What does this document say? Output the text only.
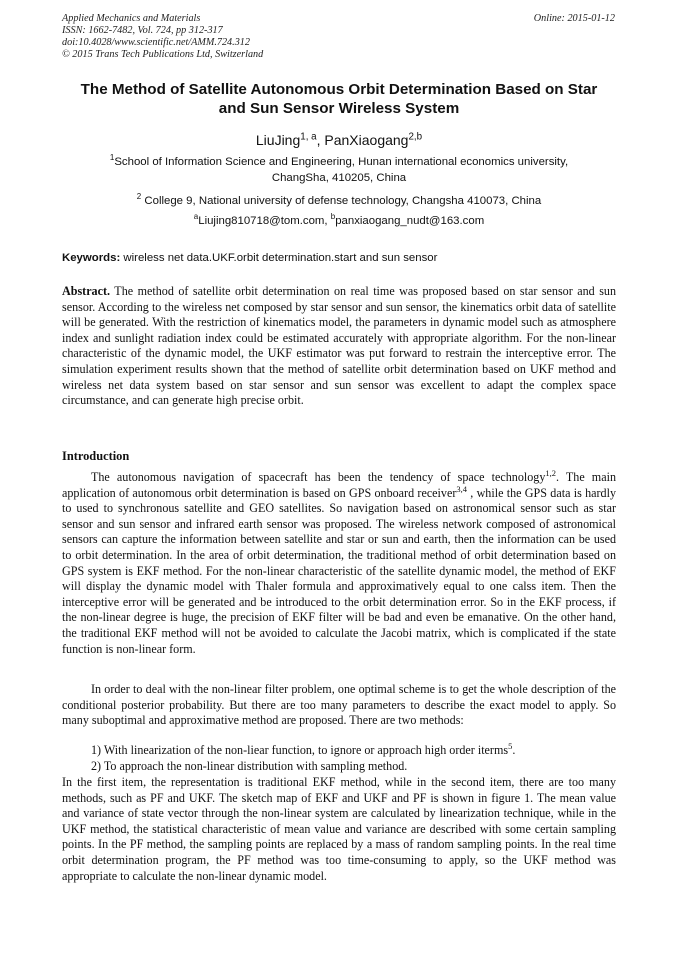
Applied Mechanics and Materials
ISSN: 1662-7482, Vol. 724, pp 312-317
doi:10.4028/www.scientific.net/AMM.724.312
© 2015 Trans Tech Publications Ltd, Switzerland
Online: 2015-01-12
The Method of Satellite Autonomous Orbit Determination Based on Star
and Sun Sensor Wireless System
LiuJing$^{1, a}$, PanXiaogang$^{2,b}$
$^1$School of Information Science and Engineering, Hunan international economics university,
ChangSha, 410205, China
$^2$ College 9, National university of defense technology, Changsha 410073, China
$^a$Liujing810718@tom.com, $^b$panxiaogang_nudt@163.com
Keywords: wireless net data.UKF.orbit determination.start and sun sensor
Abstract. The method of satellite orbit determination on real time was proposed based on star sensor and sun sensor. According to the wireless net composed by star sensor and sun sensor, the kinematics orbit data of satellite will be generated. With the restriction of kinematics model, the parameters in dynamic model such as atmosphere index and sunlight radiation index could be estimated accurately with appropriate algorithm. For the non-linear characteristic of the dynamic model, the UKF estimator was put forward to restrain the interceptive error. The simulation experiment results shown that the method of satellite orbit determination based on UKF method and wireless net data system based on star sensor and sun sensor was excellent to adapt the complex space circumstance, and can generate high precise orbit.
Introduction
The autonomous navigation of spacecraft has been the tendency of space technology$^{1,2}$. The main application of autonomous orbit determination is based on GPS onboard receiver$^{3,4}$ , while the GPS data is hardly to used to synchronous satellite and GEO satellites. So navigation based on astronomical sensor such as star sensor and sun sensor and infrared earth sensor was proposed. The wireless network composed of astronomical sensors can capture the information between satellite and star or sun and earth, then the information can be used to orbit determination. In the area of orbit determination, the traditional method of orbit determination based on GPS system is EKF method. For the non-linear characteristic of the satellite dynamic model, the method of EKF will display the dynamic model with Thaler formula and approximatively equal to one calss item. Then the interceptive error will be generated and be introduced to the orbit determination error. So in the EKF process, if the non-linear degree is huge, the precision of EKF filter will be bad and even be emanative. On the other hand, the traditional EKF method will not be avoided to calculate the Jacobi matrix, which is complicated if the state function is non-linear form.
In order to deal with the non-linear filter problem, one optimal scheme is to get the whole description of the conditional posterior probability. But there are too many parameters to describe the exact model to apply. So many suboptimal and approximative method are proposed. There are two methods:
1) With linearization of the non-liear function, to ignore or approach high order iterms$^5$.
2) To approach the non-linear distribution with sampling method.
In the first item, the representation is traditional EKF method, while in the second item, there are too many methods, such as PF and UKF. The sketch map of EKF and UKF and PF is shown in figure 1. The mean value and variance of state vector through the non-linear system are calculated by linearization technique, while in the UKF method, the statistical characteristic of mean value and variance are described with some certain sampling points. In the PF method, the sampling points are replaced by a mass of random sampling points. In the real time orbit determination program, the PF method was too time-consuming to apply, so the UKF method was appropriate to calculate the non-linear dynamic model.
